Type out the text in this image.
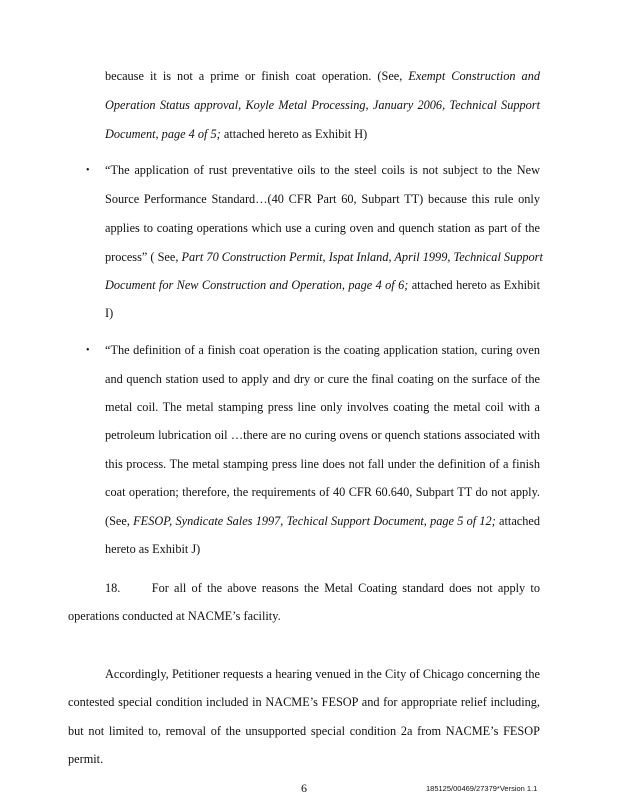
because it is not a prime or finish coat operation. (See, Exempt Construction and
Operation Status approval, Koyle Metal Processing, January 2006, Technical Support
Document, page 4 of 5; attached hereto as Exhibit H)
• “The application of rust preventative oils to the steel coils is not subject to the New
Source Performance Standard…(40 CFR Part 60, Subpart TT) because this rule only
applies to coating operations which use a curing oven and quench station as part of the
process” ( See, Part 70 Construction Permit, Ispat Inland, April 1999, Technical Support
Document for New Construction and Operation, page 4 of 6; attached hereto as Exhibit
I)
• “The definition of a finish coat operation is the coating application station, curing oven
and quench station used to apply and dry or cure the final coating on the surface of the
metal coil. The metal stamping press line only involves coating the metal coil with a
petroleum lubrication oil …there are no curing ovens or quench stations associated with
this process. The metal stamping press line does not fall under the definition of a finish
coat operation; therefore, the requirements of 40 CFR 60.640, Subpart TT do not apply.
(See, FESOP, Syndicate Sales 1997, Techical Support Document, page 5 of 12; attached
hereto as Exhibit J)
18.      For all of the above reasons the Metal Coating standard does not apply to
operations conducted at NACME’s facility.
Accordingly, Petitioner requests a hearing venued in the City of Chicago concerning the
contested special condition included in NACME’s FESOP and for appropriate relief including,
but not limited to, removal of the unsupported special condition 2a from NACME’s FESOP
permit.
6	185125/00469/27379*Version 1.1
